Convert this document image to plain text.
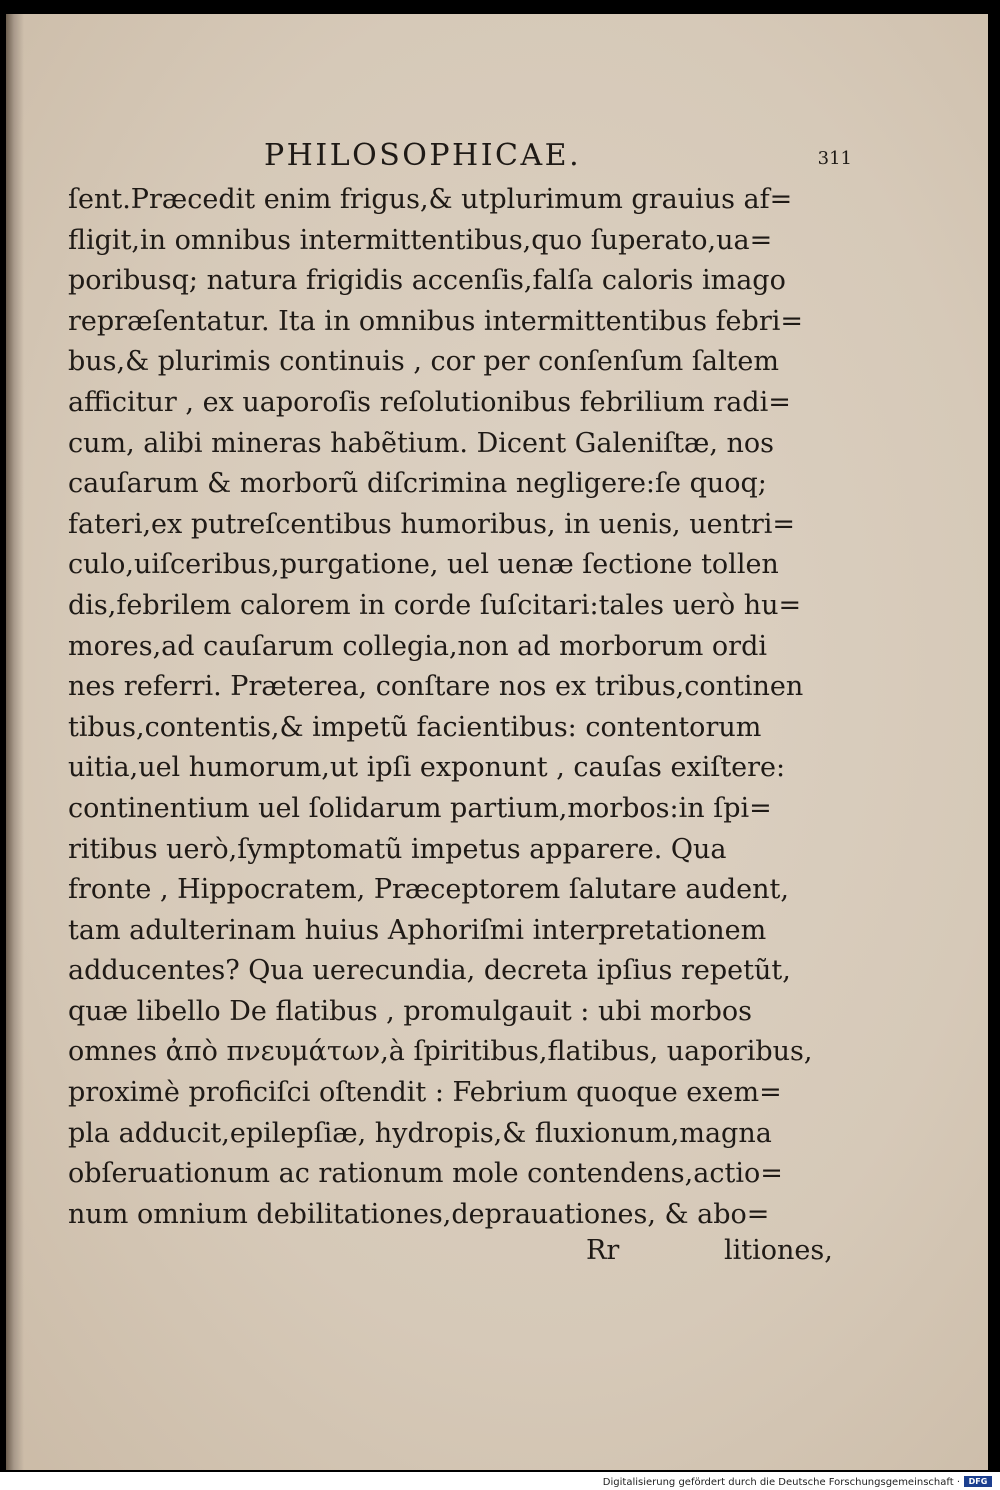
PHILOSOPHICAE.	311
ſent.Præcedit enim frigus,& utplurimum grauius af=
fligit,in omnibus intermittentibus,quo ſuperato,ua=
poribusq; natura frigidis accenſis,falſa caloris imago
repræſentatur. Ita in omnibus intermittentibus febri=
bus,& plurimis continuis , cor per conſenſum ſaltem
afficitur , ex uaporoſis reſolutionibus febrilium radi=
cum, alibi mineras habẽtium. Dicent Galeniſtæ, nos
cauſarum & morborũ diſcrimina negligere:ſe quoq;
fateri,ex putreſcentibus humoribus, in uenis, uentri=
culo,uiſceribus,purgatione, uel uenæ ſectione tollen
dis,febrilem calorem in corde ſuſcitari:tales uerò hu=
mores,ad cauſarum collegia,non ad morborum ordi
nes referri. Præterea, conſtare nos ex tribus,continen
tibus,contentis,& impetũ facientibus: contentorum
uitia,uel humorum,ut ipſi exponunt , cauſas exiſtere:
continentium uel ſolidarum partium,morbos:in ſpi=
ritibus uerò,ſymptomatũ impetus apparere. Qua
fronte , Hippocratem, Præceptorem ſalutare audent,
tam adulterinam huius Aphoriſmi interpretationem
adducentes? Qua uerecundia, decreta ipſius repetũt,
quæ libello De flatibus , promulgauit : ubi morbos
omnes ἀπὸ πνευμάτων,à ſpiritibus,flatibus, uaporibus,
proximè proficiſci oſtendit : Febrium quoque exem=
pla adducit,epilepſiæ, hydropis,& fluxionum,magna
obſeruationum ac rationum mole contendens,actio=
num omnium debilitationes,deprauationes, & abo=
Rr	litiones,
Digitalisierung gefördert durch die Deutsche Forschungsgemeinschaft ·	DFG
